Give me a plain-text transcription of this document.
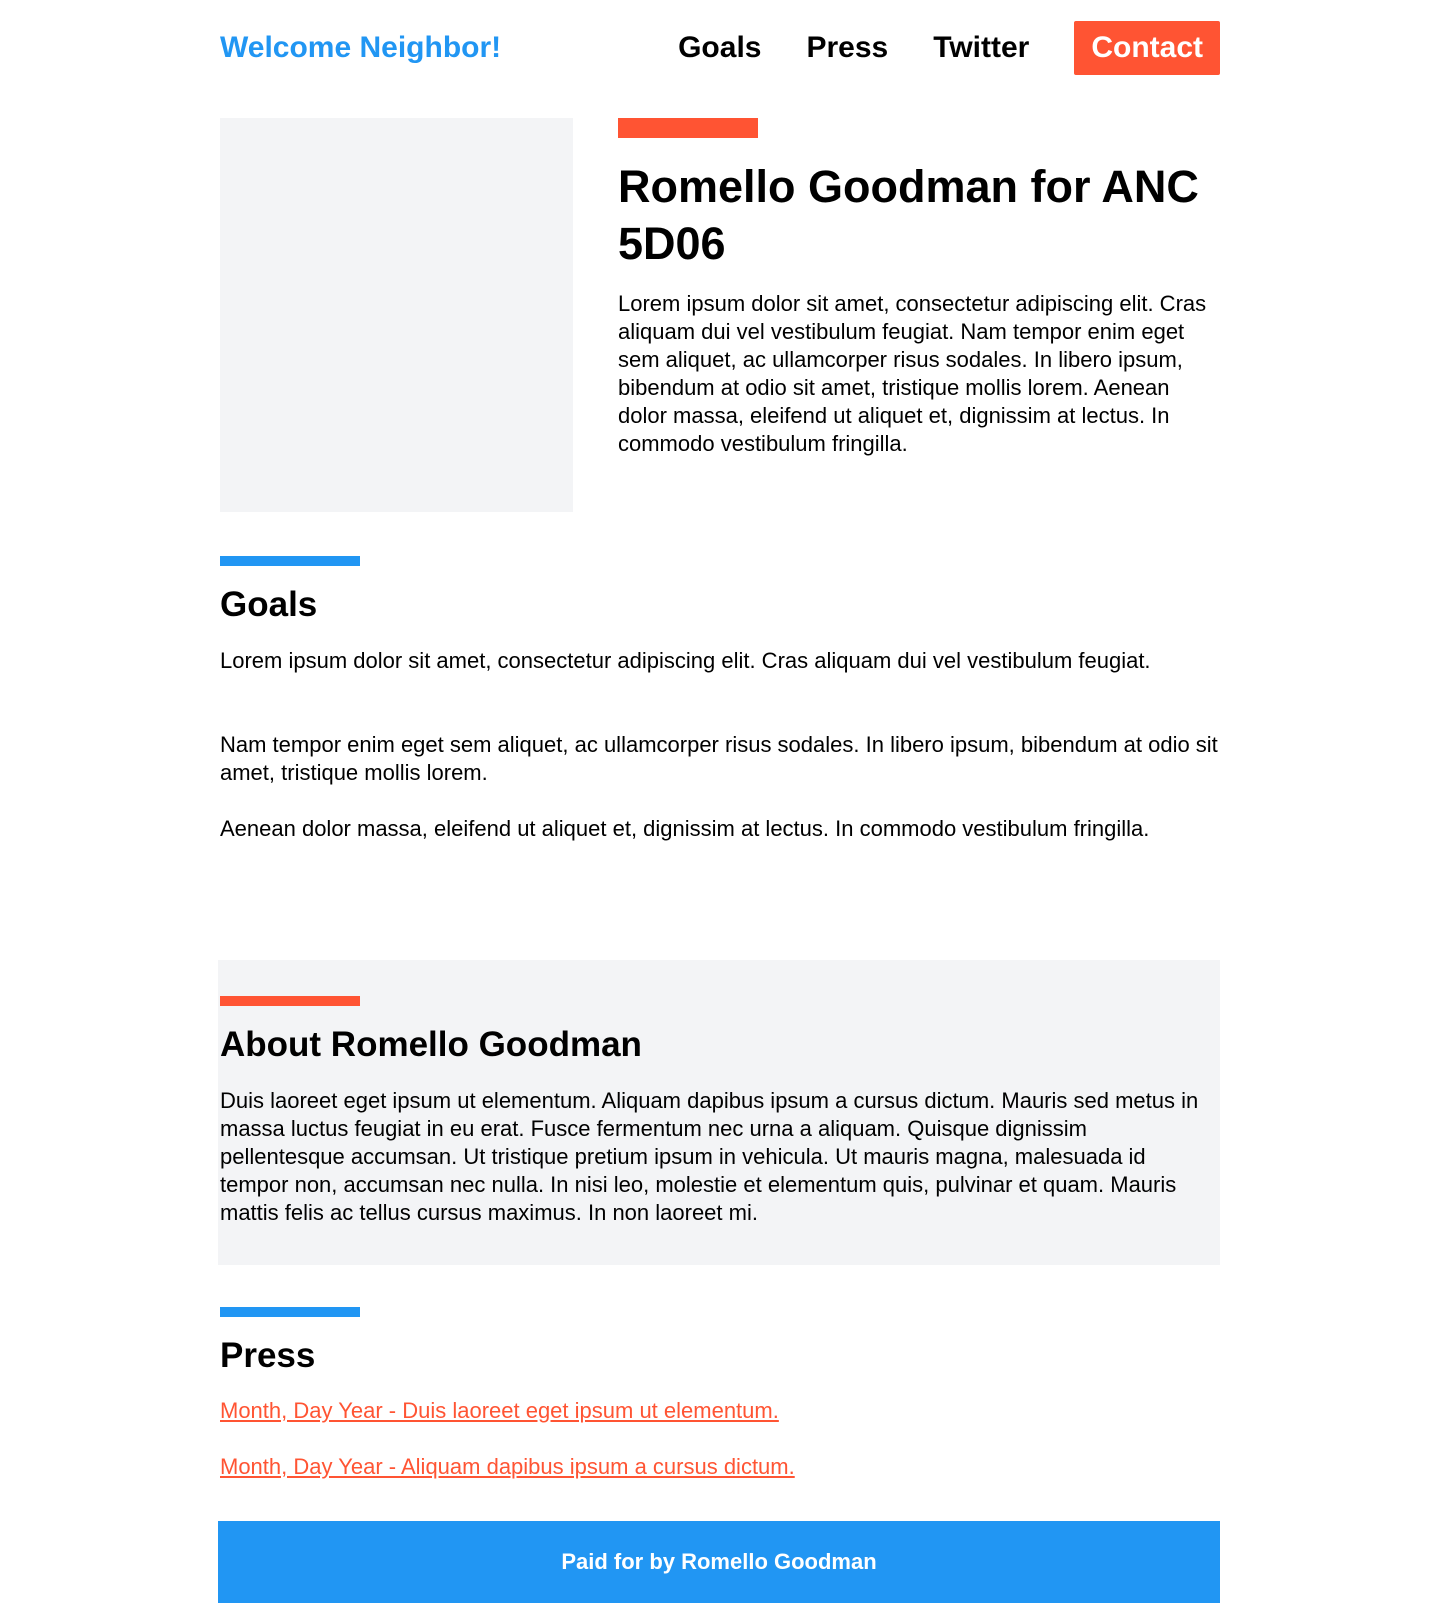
Welcome Neighbor!	Goals Press Twitter	Contact
Romello Goodman for ANC 5D06

Lorem ipsum dolor sit amet, consectetur adipiscing elit. Cras aliquam dui vel vestibulum feugiat. Nam tempor enim eget sem aliquet, ac ullamcorper risus sodales. In libero ipsum, bibendum at odio sit amet, tristique mollis lorem. Aenean dolor massa, eleifend ut aliquet et, dignissim at lectus. In commodo vestibulum fringilla.

Goals

Lorem ipsum dolor sit amet, consectetur adipiscing elit. Cras aliquam dui vel vestibulum feugiat.

Nam tempor enim eget sem aliquet, ac ullamcorper risus sodales. In libero ipsum, bibendum at odio sit amet, tristique mollis lorem.

Aenean dolor massa, eleifend ut aliquet et, dignissim at lectus. In commodo vestibulum fringilla.

About Romello Goodman

Duis laoreet eget ipsum ut elementum. Aliquam dapibus ipsum a cursus dictum. Mauris sed metus in massa luctus feugiat in eu erat. Fusce fermentum nec urna a aliquam. Quisque dignissim pellentesque accumsan. Ut tristique pretium ipsum in vehicula. Ut mauris magna, malesuada id tempor non, accumsan nec nulla. In nisi leo, molestie et elementum quis, pulvinar et quam. Mauris mattis felis ac tellus cursus maximus. In non laoreet mi.

Press
Month, Day Year - Duis laoreet eget ipsum ut elementum.
Month, Day Year - Aliquam dapibus ipsum a cursus dictum.
Paid for by Romello Goodman
